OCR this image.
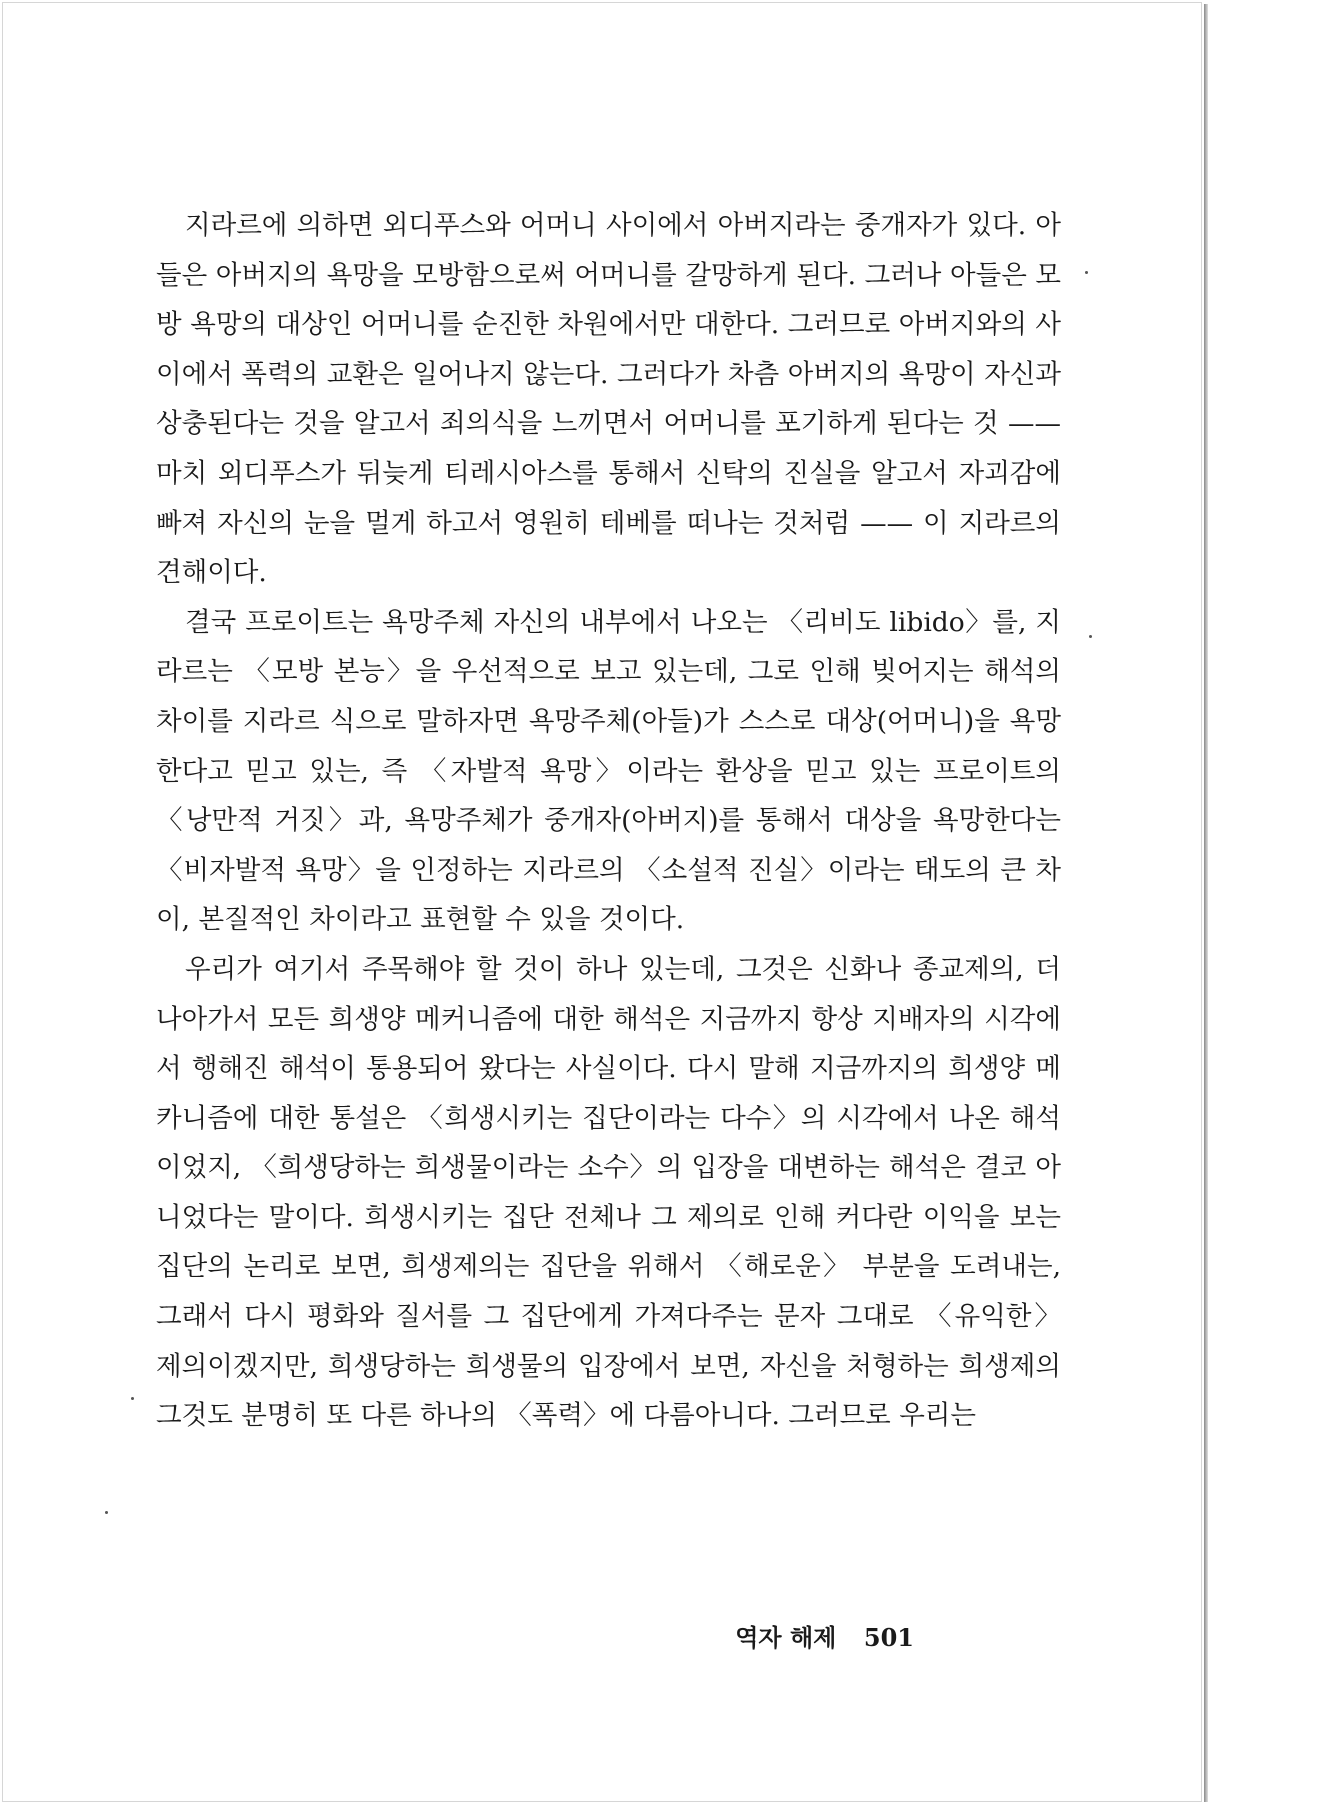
지라르에 의하면 외디푸스와 어머니 사이에서 아버지라는 중개자가 있다. 아들은 아버지의 욕망을 모방함으로써 어머니를 갈망하게 된다. 그러나 아들은 모방 욕망의 대상인 어머니를 순진한 차원에서만 대한다. 그러므로 아버지와의 사이에서 폭력의 교환은 일어나지 않는다. 그러다가 차츰 아버지의 욕망이 자신과 상충된다는 것을 알고서 죄의식을 느끼면서 어머니를 포기하게 된다는 것 —— 마치 외디푸스가 뒤늦게 티레시아스를 통해서 신탁의 진실을 알고서 자괴감에 빠져 자신의 눈을 멀게 하고서 영원히 테베를 떠나는 것처럼 —— 이 지라르의 견해이다.

결국 프로이트는 욕망주체 자신의 내부에서 나오는 〈리비도 libido〉를, 지라르는 〈모방 본능〉을 우선적으로 보고 있는데, 그로 인해 빚어지는 해석의 차이를 지라르 식으로 말하자면 욕망주체(아들)가 스스로 대상(어머니)을 욕망한다고 믿고 있는, 즉 〈자발적 욕망〉이라는 환상을 믿고 있는 프로이트의 〈낭만적 거짓〉과, 욕망주체가 중개자(아버지)를 통해서 대상을 욕망한다는 〈비자발적 욕망〉을 인정하는 지라르의 〈소설적 진실〉이라는 태도의 큰 차이, 본질적인 차이라고 표현할 수 있을 것이다.

우리가 여기서 주목해야 할 것이 하나 있는데, 그것은 신화나 종교제의, 더 나아가서 모든 희생양 메커니즘에 대한 해석은 지금까지 항상 지배자의 시각에서 행해진 해석이 통용되어 왔다는 사실이다. 다시 말해 지금까지의 희생양 메카니즘에 대한 통설은 〈희생시키는 집단이라는 다수〉의 시각에서 나온 해석이었지, 〈희생당하는 희생물이라는 소수〉의 입장을 대변하는 해석은 결코 아니었다는 말이다. 희생시키는 집단 전체나 그 제의로 인해 커다란 이익을 보는 집단의 논리로 보면, 희생제의는 집단을 위해서 〈해로운〉 부분을 도려내는, 그래서 다시 평화와 질서를 그 집단에게 가져다주는 문자 그대로 〈유익한〉 제의이겠지만, 희생당하는 희생물의 입장에서 보면, 자신을 처형하는 희생제의 그것도 분명히 또 다른 하나의 〈폭력〉에 다름아니다. 그러므로 우리는

역자 해제 501
